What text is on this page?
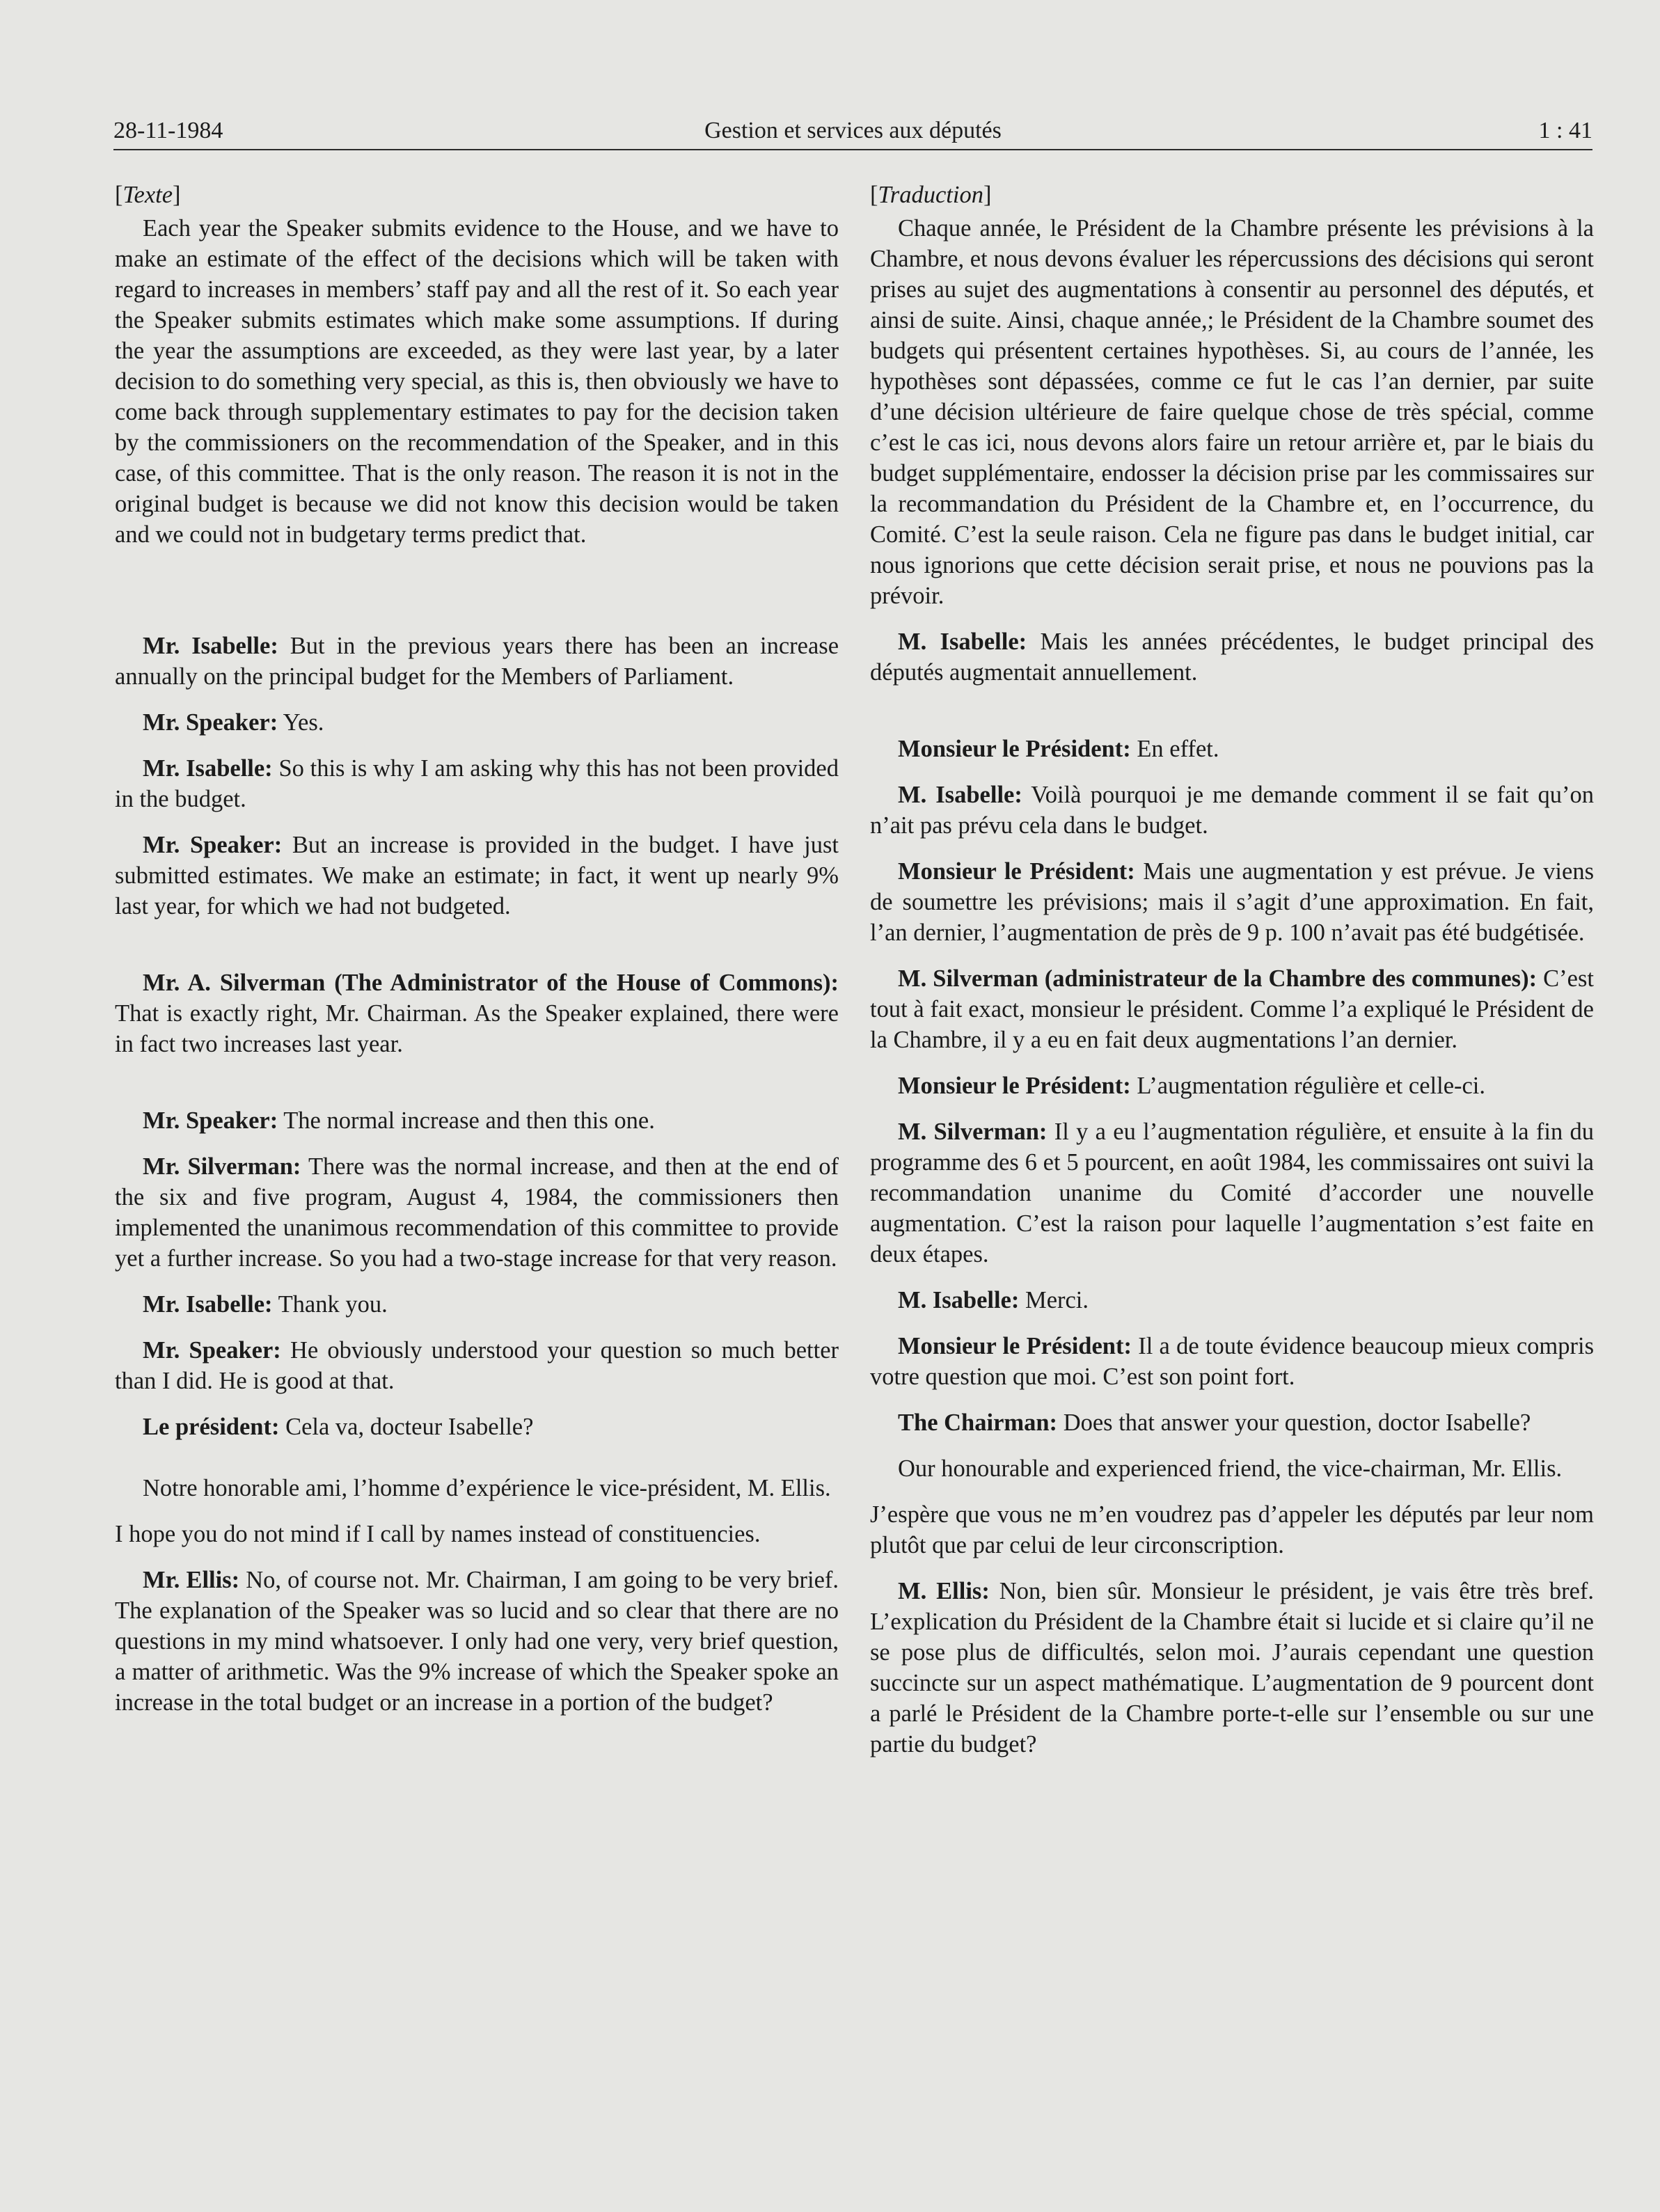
28-11-1984	Gestion et services aux députés	1 : 41

[Texte]

Each year the Speaker submits evidence to the House, and we have to make an estimate of the effect of the decisions which will be taken with regard to increases in members’ staff pay and all the rest of it. So each year the Speaker submits estimates which make some assumptions. If during the year the assumptions are exceeded, as they were last year, by a later decision to do something very special, as this is, then obviously we have to come back through supplementary estimates to pay for the decision taken by the commissioners on the recommendation of the Speaker, and in this case, of this committee. That is the only reason. The reason it is not in the original budget is because we did not know this decision would be taken and we could not in budgetary terms predict that.

Mr. Isabelle: But in the previous years there has been an increase annually on the principal budget for the Members of Parliament.

Mr. Speaker: Yes.

Mr. Isabelle: So this is why I am asking why this has not been provided in the budget.

Mr. Speaker: But an increase is provided in the budget. I have just submitted estimates. We make an estimate; in fact, it went up nearly 9% last year, for which we had not budgeted.

Mr. A. Silverman (The Administrator of the House of Commons): That is exactly right, Mr. Chairman. As the Speaker explained, there were in fact two increases last year.

Mr. Speaker: The normal increase and then this one.

Mr. Silverman: There was the normal increase, and then at the end of the six and five program, August 4, 1984, the commissioners then implemented the unanimous recommendation of this committee to provide yet a further increase. So you had a two-stage increase for that very reason.

Mr. Isabelle: Thank you.

Mr. Speaker: He obviously understood your question so much better than I did. He is good at that.

Le président: Cela va, docteur Isabelle?

Notre honorable ami, l’homme d’expérience le vice-président, M. Ellis.

I hope you do not mind if I call by names instead of constituencies.

Mr. Ellis: No, of course not. Mr. Chairman, I am going to be very brief. The explanation of the Speaker was so lucid and so clear that there are no questions in my mind whatsoever. I only had one very, very brief question, a matter of arithmetic. Was the 9% increase of which the Speaker spoke an increase in the total budget or an increase in a portion of the budget?

[Traduction]

Chaque année, le Président de la Chambre présente les prévisions à la Chambre, et nous devons évaluer les répercussions des décisions qui seront prises au sujet des augmentations à consentir au personnel des députés, et ainsi de suite. Ainsi, chaque année,; le Président de la Chambre soumet des budgets qui présentent certaines hypothèses. Si, au cours de l’année, les hypothèses sont dépassées, comme ce fut le cas l’an dernier, par suite d’une décision ultérieure de faire quelque chose de très spécial, comme c’est le cas ici, nous devons alors faire un retour arrière et, par le biais du budget supplémentaire, endosser la décision prise par les commissaires sur la recommandation du Président de la Chambre et, en l’occurrence, du Comité. C’est la seule raison. Cela ne figure pas dans le budget initial, car nous ignorions que cette décision serait prise, et nous ne pouvions pas la prévoir.

M. Isabelle: Mais les années précédentes, le budget principal des députés augmentait annuellement.

Monsieur le Président: En effet.

M. Isabelle: Voilà pourquoi je me demande comment il se fait qu’on n’ait pas prévu cela dans le budget.

Monsieur le Président: Mais une augmentation y est prévue. Je viens de soumettre les prévisions; mais il s’agit d’une approximation. En fait, l’an dernier, l’augmentation de près de 9 p. 100 n’avait pas été budgétisée.

M. Silverman (administrateur de la Chambre des communes): C’est tout à fait exact, monsieur le président. Comme l’a expliqué le Président de la Chambre, il y a eu en fait deux augmentations l’an dernier.

Monsieur le Président: L’augmentation régulière et celle-ci.

M. Silverman: Il y a eu l’augmentation régulière, et ensuite à la fin du programme des 6 et 5 pourcent, en août 1984, les commissaires ont suivi la recommandation unanime du Comité d’accorder une nouvelle augmentation. C’est la raison pour laquelle l’augmentation s’est faite en deux étapes.

M. Isabelle: Merci.

Monsieur le Président: Il a de toute évidence beaucoup mieux compris votre question que moi. C’est son point fort.

The Chairman: Does that answer your question, doctor Isabelle?

Our honourable and experienced friend, the vice-chairman, Mr. Ellis.

J’espère que vous ne m’en voudrez pas d’appeler les députés par leur nom plutôt que par celui de leur circonscription.

M. Ellis: Non, bien sûr. Monsieur le président, je vais être très bref. L’explication du Président de la Chambre était si lucide et si claire qu’il ne se pose plus de difficultés, selon moi. J’aurais cependant une question succincte sur un aspect mathématique. L’augmentation de 9 pourcent dont a parlé le Président de la Chambre porte-t-elle sur l’ensemble ou sur une partie du budget?
